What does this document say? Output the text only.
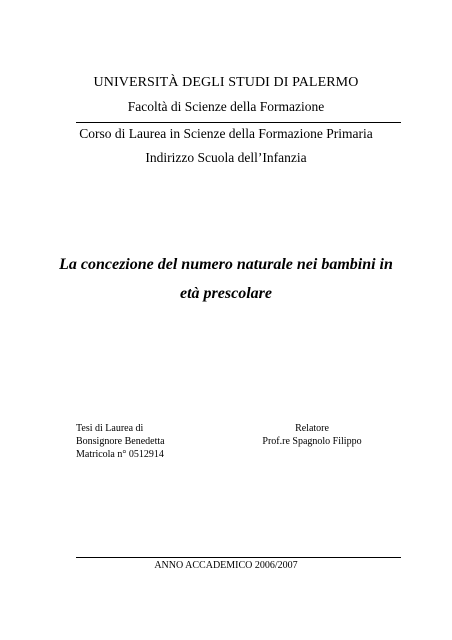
UNIVERSITÀ DEGLI STUDI DI PALERMO
Facoltà di Scienze della Formazione
Corso di Laurea in Scienze della Formazione Primaria
Indirizzo Scuola dell’Infanzia
La concezione del numero naturale nei bambini in
età prescolare
Tesi di Laurea di
Bonsignore Benedetta
Matricola n° 0512914
Relatore
Prof.re Spagnolo Filippo
ANNO ACCADEMICO 2006/2007
